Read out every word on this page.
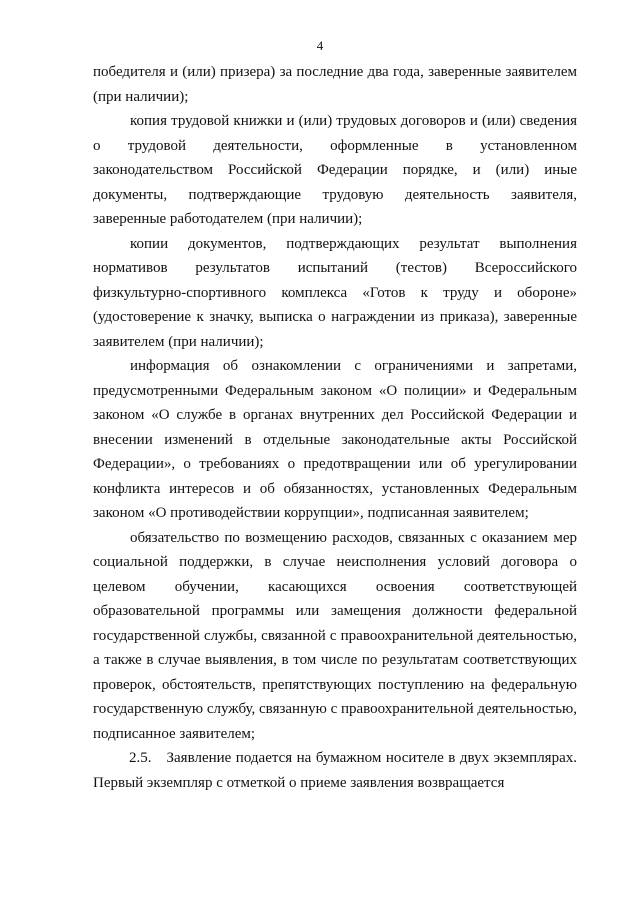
4

победителя и (или) призера) за последние два года, заверенные заявителем (при наличии);

копия трудовой книжки и (или) трудовых договоров и (или) сведения о трудовой деятельности, оформленные в установленном законодательством Российской Федерации порядке, и (или) иные документы, подтверждающие трудовую деятельность заявителя, заверенные работодателем (при наличии);

копии документов, подтверждающих результат выполнения нормативов результатов испытаний (тестов) Всероссийского физкультурно-спортивного комплекса «Готов к труду и обороне» (удостоверение к значку, выписка о награждении из приказа), заверенные заявителем (при наличии);

информация об ознакомлении с ограничениями и запретами, предусмотренными Федеральным законом «О полиции» и Федеральным законом «О службе в органах внутренних дел Российской Федерации и внесении изменений в отдельные законодательные акты Российской Федерации», о требованиях о предотвращении или об урегулировании конфликта интересов и об обязанностях, установленных Федеральным законом «О противодействии коррупции», подписанная заявителем;

обязательство по возмещению расходов, связанных с оказанием мер социальной поддержки, в случае неисполнения условий договора о целевом обучении, касающихся освоения соответствующей образовательной программы или замещения должности федеральной государственной службы, связанной с правоохранительной деятельностью, а также в случае выявления, в том числе по результатам соответствующих проверок, обстоятельств, препятствующих поступлению на федеральную государственную службу, связанную с правоохранительной деятельностью, подписанное заявителем;

2.5. Заявление подается на бумажном носителе в двух экземплярах. Первый экземпляр с отметкой о приеме заявления возвращается
